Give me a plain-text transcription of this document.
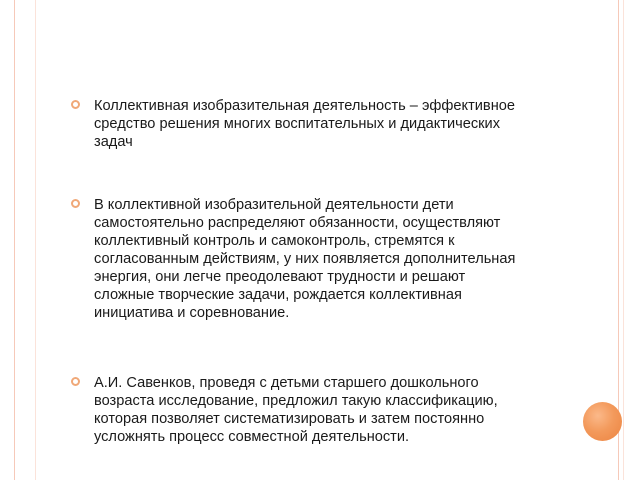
Коллективная изобразительная деятельность – эффективное
средство решения многих воспитательных и дидактических
задач
В коллективной изобразительной деятельности дети
самостоятельно распределяют обязанности, осуществляют
коллективный контроль и самоконтроль, стремятся к
согласованным действиям, у них появляется дополнительная
энергия, они легче преодолевают трудности и решают
сложные творческие задачи, рождается коллективная
инициатива и соревнование.
А.И. Савенков, проведя с детьми старшего дошкольного
возраста исследование, предложил такую классификацию,
которая позволяет систематизировать и затем постоянно
усложнять процесс совместной деятельности.
